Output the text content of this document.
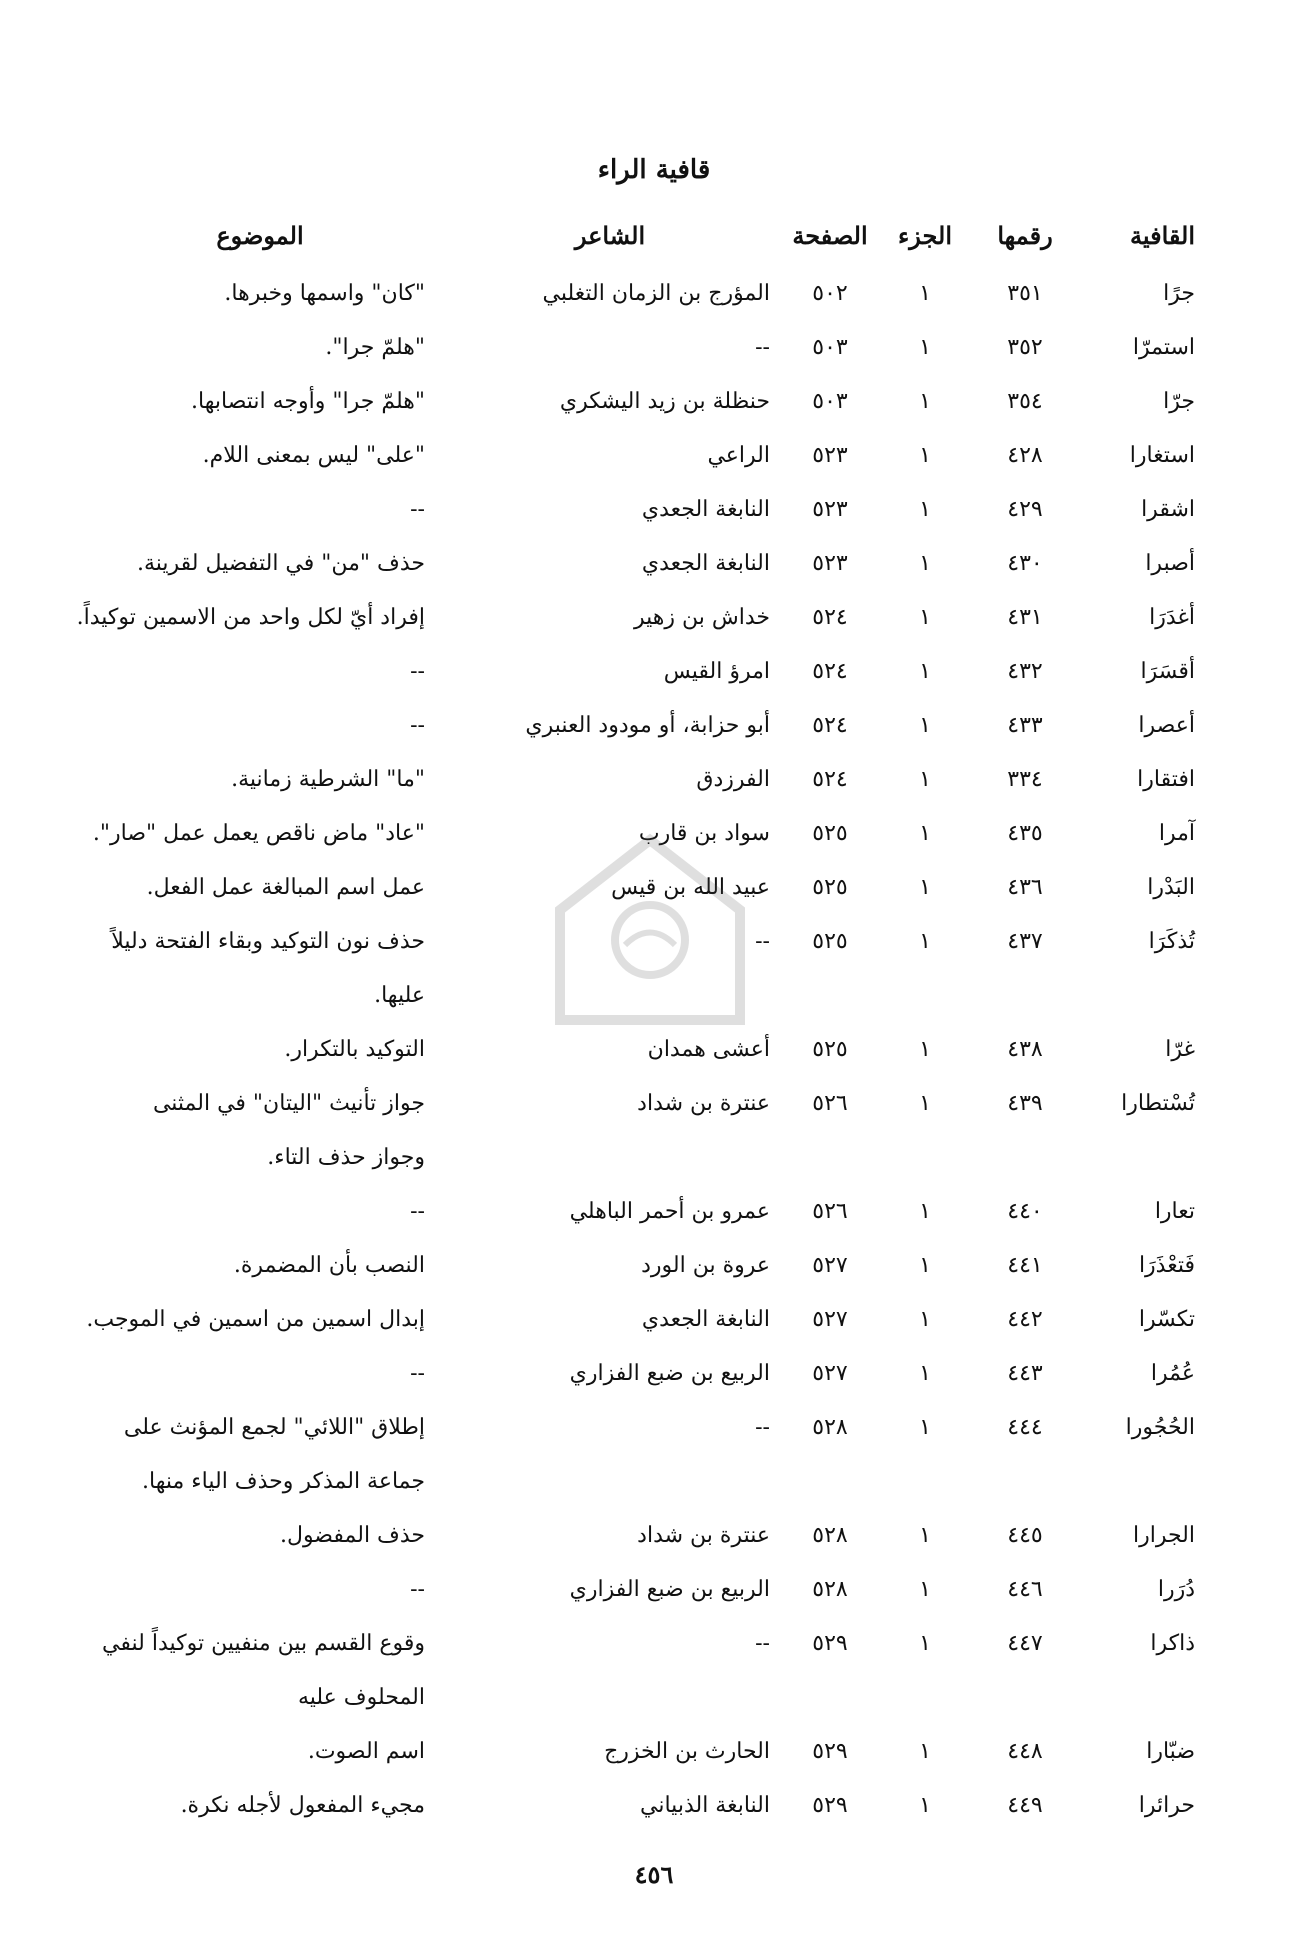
قافية الراء
القافية
رقمها
الجزء
الصفحة
الشاعر
الموضوع
جرًا
٣٥١
١
٥٠٢
المؤرج بن الزمان التغلبي
"كان" واسمها وخبرها.
استمرّا
٣٥٢
١
٥٠٣
--
"هلمّ جرا".
جرّا
٣٥٤
١
٥٠٣
حنظلة بن زيد اليشكري
"هلمّ جرا" وأوجه انتصابها.
استغارا
٤٢٨
١
٥٢٣
الراعي
"على" ليس بمعنى اللام.
اشقرا
٤٢٩
١
٥٢٣
النابغة الجعدي
--
أصبرا
٤٣٠
١
٥٢٣
النابغة الجعدي
حذف "من" في التفضيل لقرينة.
أغدَرَا
٤٣١
١
٥٢٤
خداش بن زهير
إفراد أيّ لكل واحد من الاسمين توكيداً.
أقسَرَا
٤٣٢
١
٥٢٤
امرؤ القيس
--
أعصرا
٤٣٣
١
٥٢٤
أبو حزابة، أو مودود العنبري
--
افتقارا
٣٣٤
١
٥٢٤
الفرزدق
"ما" الشرطية زمانية.
آمرا
٤٣٥
١
٥٢٥
سواد بن قارب
"عاد" ماض ناقص يعمل عمل "صار".
البَدْرا
٤٣٦
١
٥٢٥
عبيد الله بن قيس
عمل اسم المبالغة عمل الفعل.
تُذكَرَا
٤٣٧
١
٥٢٥
--
حذف نون التوكيد وبقاء الفتحة دليلاً عليها.
غرّا
٤٣٨
١
٥٢٥
أعشى همدان
التوكيد بالتكرار.
تُسْتطارا
٤٣٩
١
٥٢٦
عنترة بن شداد
جواز تأنيث "اليتان" في المثنى وجواز حذف التاء.
تعارا
٤٤٠
١
٥٢٦
عمرو بن أحمر الباهلي
--
فَتعْذَرَا
٤٤١
١
٥٢٧
عروة بن الورد
النصب بأن المضمرة.
تكسّرا
٤٤٢
١
٥٢٧
النابغة الجعدي
إبدال اسمين من اسمين في الموجب.
عُمُرا
٤٤٣
١
٥٢٧
الربيع بن ضبع الفزاري
--
الحُجُورا
٤٤٤
١
٥٢٨
--
إطلاق "اللائي" لجمع المؤنث على جماعة المذكر وحذف الياء منها.
الجرارا
٤٤٥
١
٥٢٨
عنترة بن شداد
حذف المفضول.
دُرَرا
٤٤٦
١
٥٢٨
الربيع بن ضبع الفزاري
--
ذاكرا
٤٤٧
١
٥٢٩
--
وقوع القسم بين منفيين توكيداً لنفي المحلوف عليه
ضبّارا
٤٤٨
١
٥٢٩
الحارث بن الخزرج
اسم الصوت.
حرائرا
٤٤٩
١
٥٢٩
النابغة الذبياني
مجيء المفعول لأجله نكرة.
٤٥٦
